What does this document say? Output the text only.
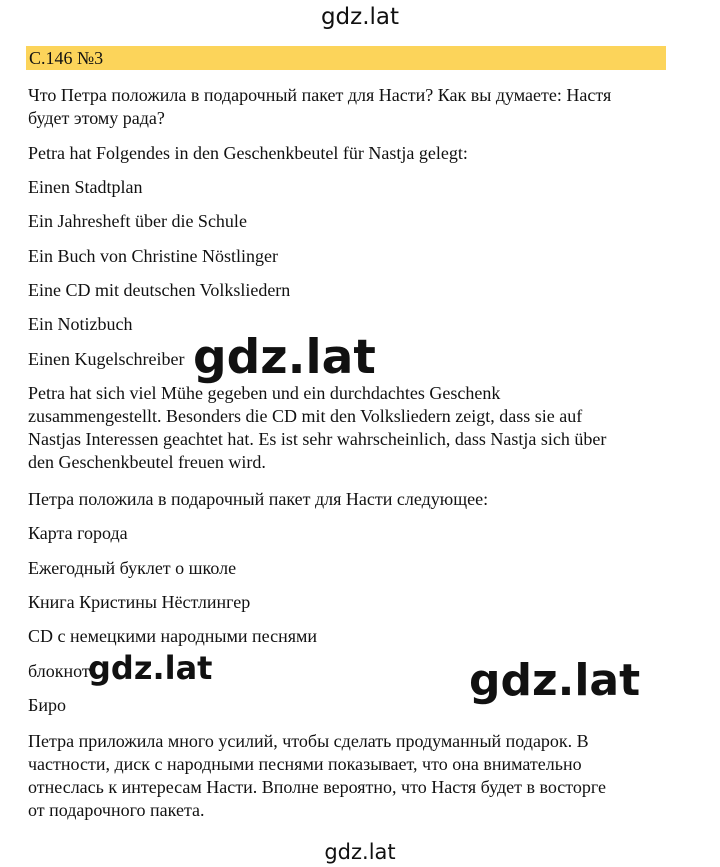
gdz.lat
С.146 №3
Что Петра положила в подарочный пакет для Насти? Как вы думаете: Настя
будет этому рада?
Petra hat Folgendes in den Geschenkbeutel für Nastja gelegt:
Einen Stadtplan
Ein Jahresheft über die Schule
Ein Buch von Christine Nöstlinger
Eine CD mit deutschen Volksliedern
Ein Notizbuch
Einen Kugelschreiber
Petra hat sich viel Mühe gegeben und ein durchdachtes Geschenk
zusammengestellt. Besonders die CD mit den Volksliedern zeigt, dass sie auf
Nastjas Interessen geachtet hat. Es ist sehr wahrscheinlich, dass Nastja sich über
den Geschenkbeutel freuen wird.
Петра положила в подарочный пакет для Насти следующее:
Карта города
Ежегодный буклет о школе
Книга Кристины Нёстлингер
CD с немецкими народными песнями
блокнот
Биро
Петра приложила много усилий, чтобы сделать продуманный подарок. В
частности, диск с народными песнями показывает, что она внимательно
отнеслась к интересам Насти. Вполне вероятно, что Настя будет в восторге
от подарочного пакета.
gdz.lat
gdz.lat	gdz.lat
gdz.lat
